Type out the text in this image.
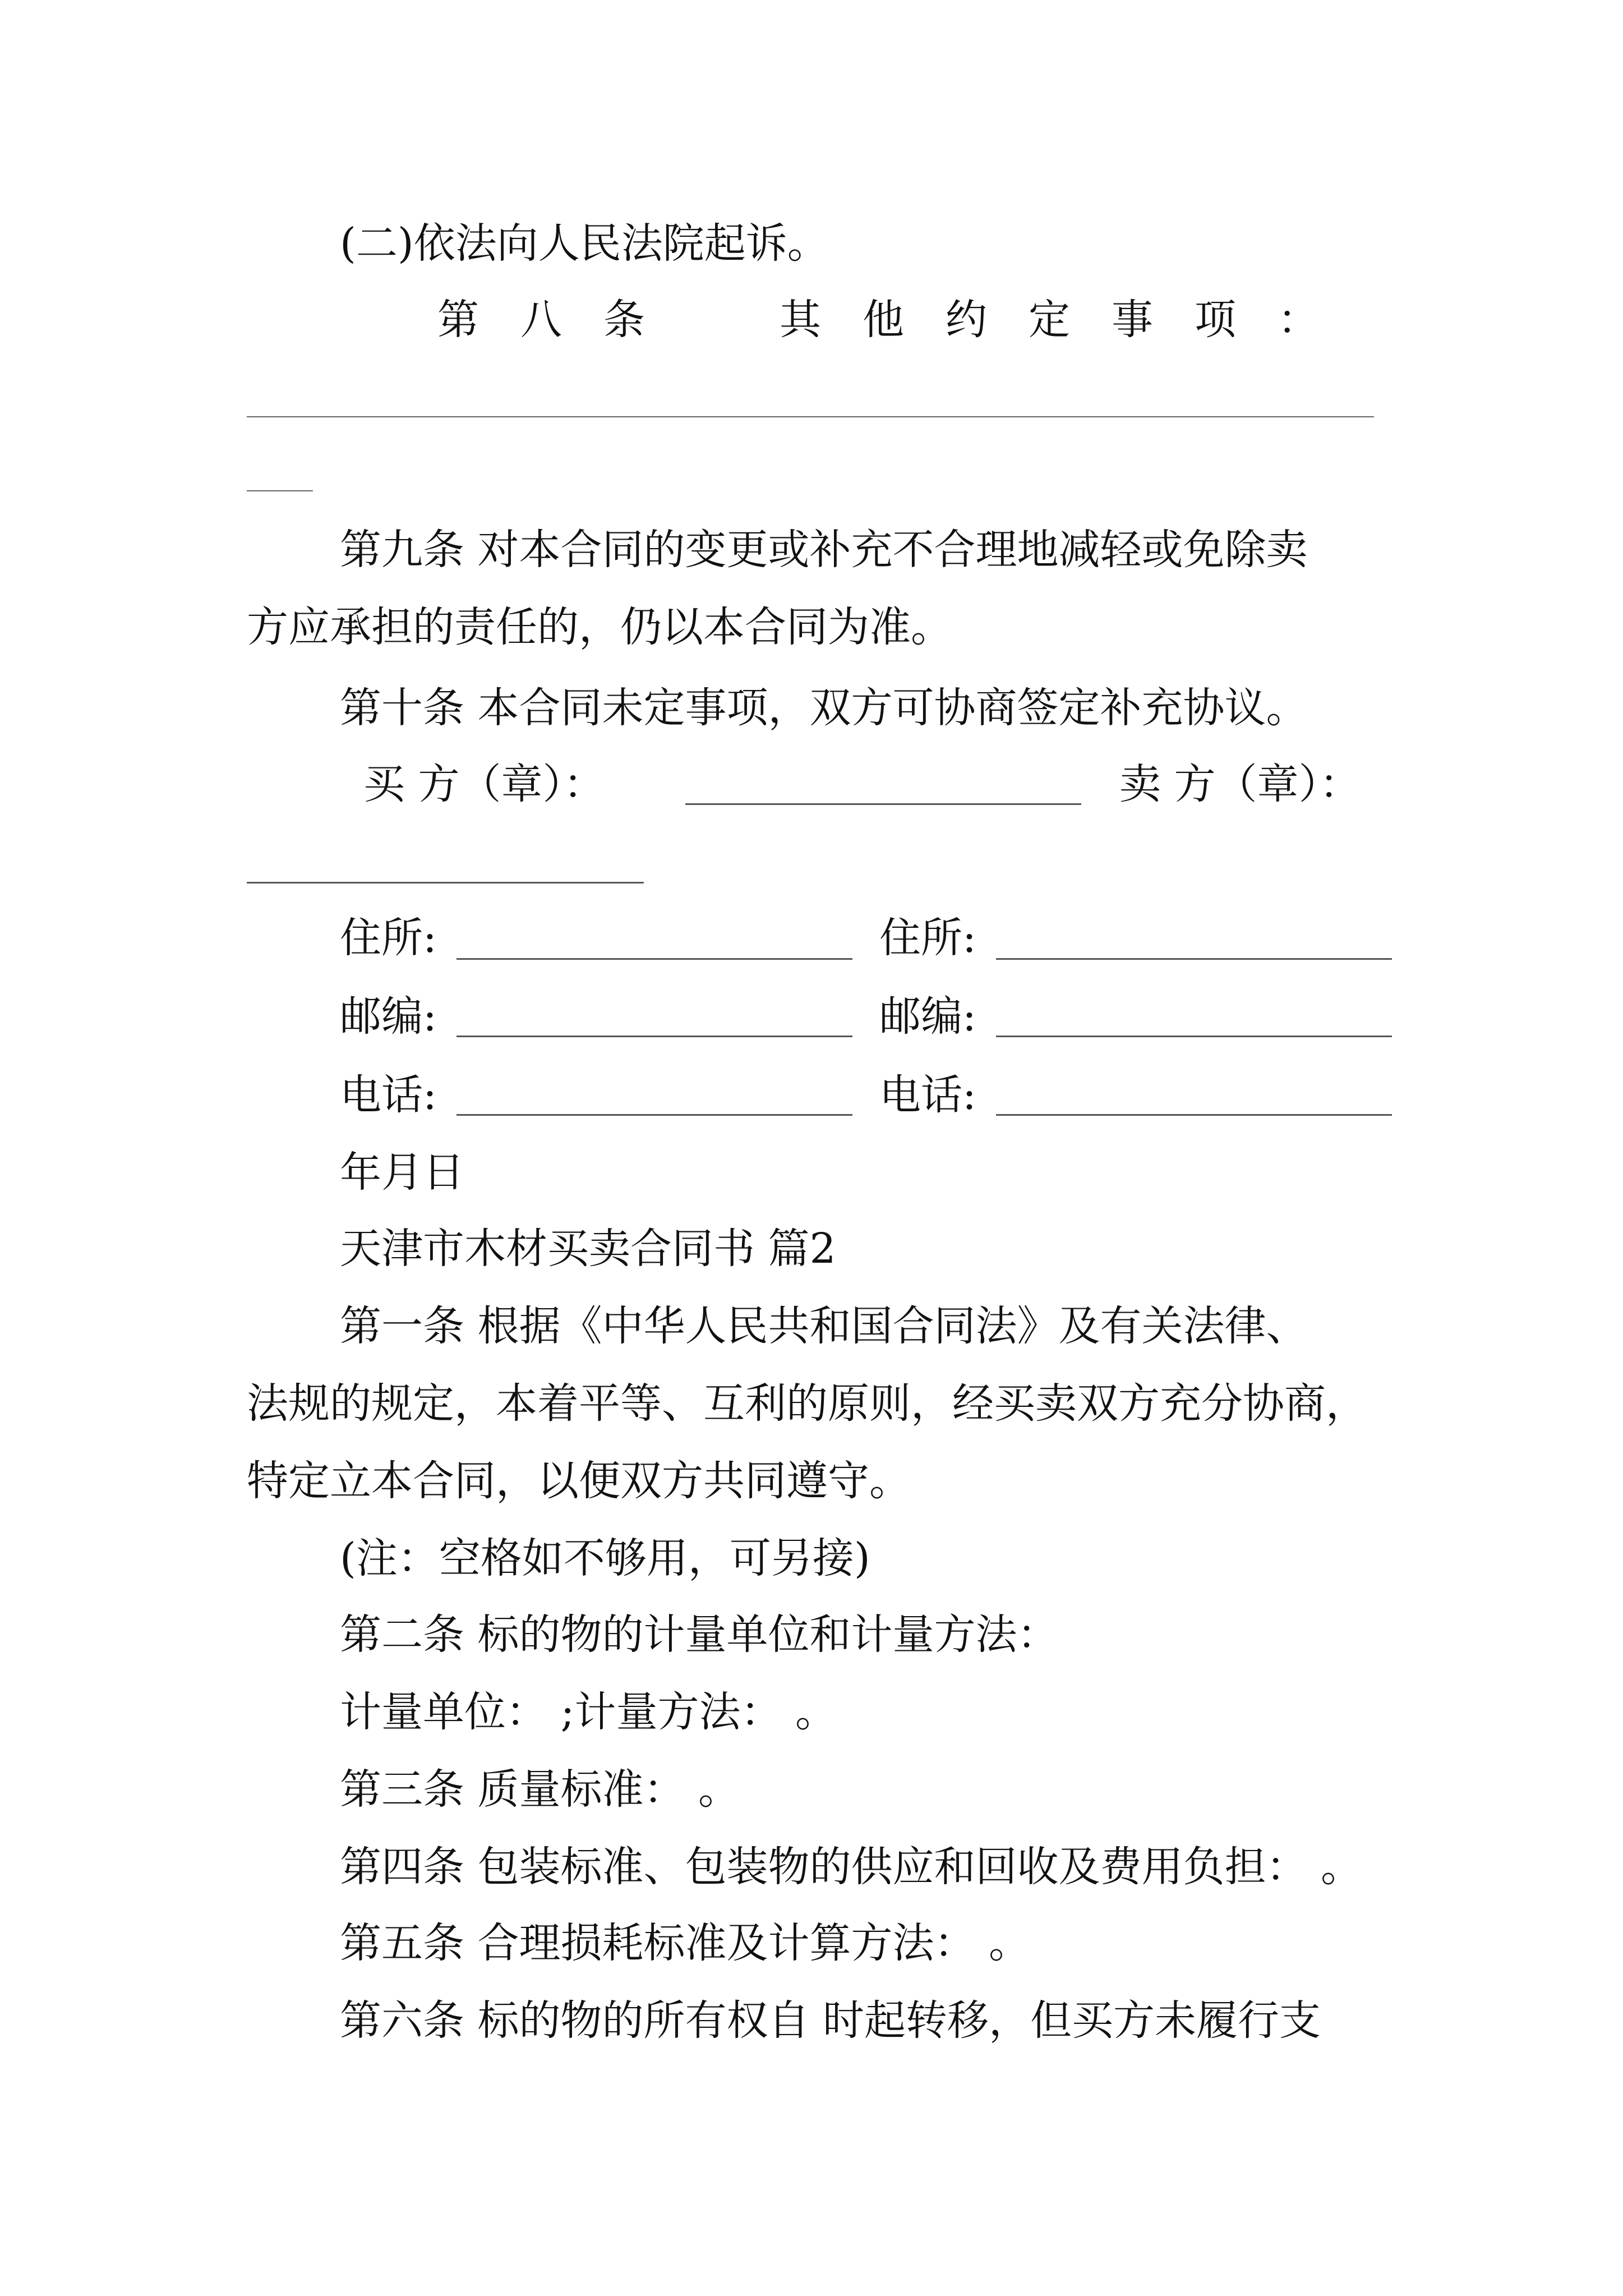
(二)依法向人民法院起诉。
第　八　条	其　他　约　定　事　项　：
第九条 对本合同的变更或补充不合理地减轻或免除卖
方应承担的责任的，仍以本合同为准。
第十条 本合同未定事项，双方可协商签定补充协议。
买 方（章）：	卖 方（章）：
住所:	住所:
邮编:	邮编:
电话:	电话:
年月日
天津市木材买卖合同书 篇2
第一条 根据《中华人民共和国合同法》及有关法律、
法规的规定，本着平等、互利的原则，经买卖双方充分协商，
特定立本合同，以便双方共同遵守。
(注：空格如不够用，可另接)
第二条 标的物的计量单位和计量方法：
计量单位： ;计量方法： 。
第三条 质量标准： 。
第四条 包装标准、包装物的供应和回收及费用负担： 。
第五条 合理损耗标准及计算方法： 。
第六条 标的物的所有权自 时起转移，但买方未履行支
